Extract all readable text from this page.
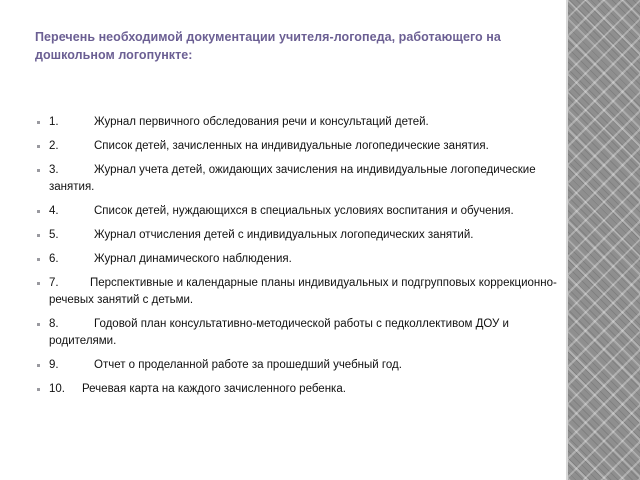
Перечень необходимой документации учителя-логопеда, работающего на дошкольном логопункте:
1.	Журнал первичного обследования речи и консультаций детей.
2.	Список детей, зачисленных на индивидуальные логопедические занятия.
3.	Журнал учета детей, ожидающих зачисления на индивидуальные логопедические занятия.
4.	Список детей, нуждающихся в специальных условиях воспитания и обучения.
5.	Журнал отчисления детей с индивидуальных логопедических занятий.
6.	Журнал динамического наблюдения.
7.	Перспективные и календарные планы индивидуальных и подгрупповых коррекционно-речевых занятий с детьми.
8.	Годовой план консультативно-методической работы с педколлективом ДОУ и родителями.
9.	Отчет о проделанной работе за прошедший учебный год.
10. Речевая карта на каждого зачисленного ребенка.
